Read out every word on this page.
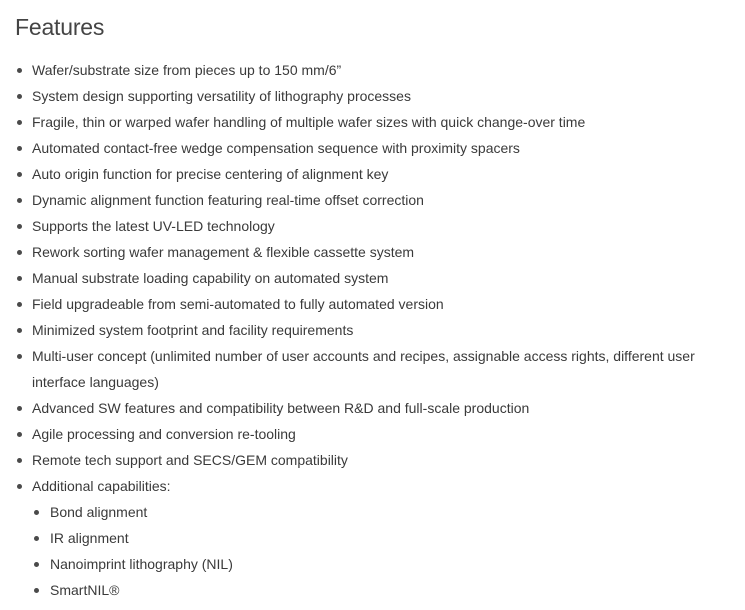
Features
Wafer/substrate size from pieces up to 150 mm/6”
System design supporting versatility of lithography processes
Fragile, thin or warped wafer handling of multiple wafer sizes with quick change-over time
Automated contact-free wedge compensation sequence with proximity spacers
Auto origin function for precise centering of alignment key
Dynamic alignment function featuring real-time offset correction
Supports the latest UV-LED technology
Rework sorting wafer management & flexible cassette system
Manual substrate loading capability on automated system
Field upgradeable from semi-automated to fully automated version
Minimized system footprint and facility requirements
Multi-user concept (unlimited number of user accounts and recipes, assignable access rights, different user interface languages)
Advanced SW features and compatibility between R&D and full-scale production
Agile processing and conversion re-tooling
Remote tech support and SECS/GEM compatibility
Additional capabilities:
Bond alignment
IR alignment
Nanoimprint lithography (NIL)
SmartNIL®
